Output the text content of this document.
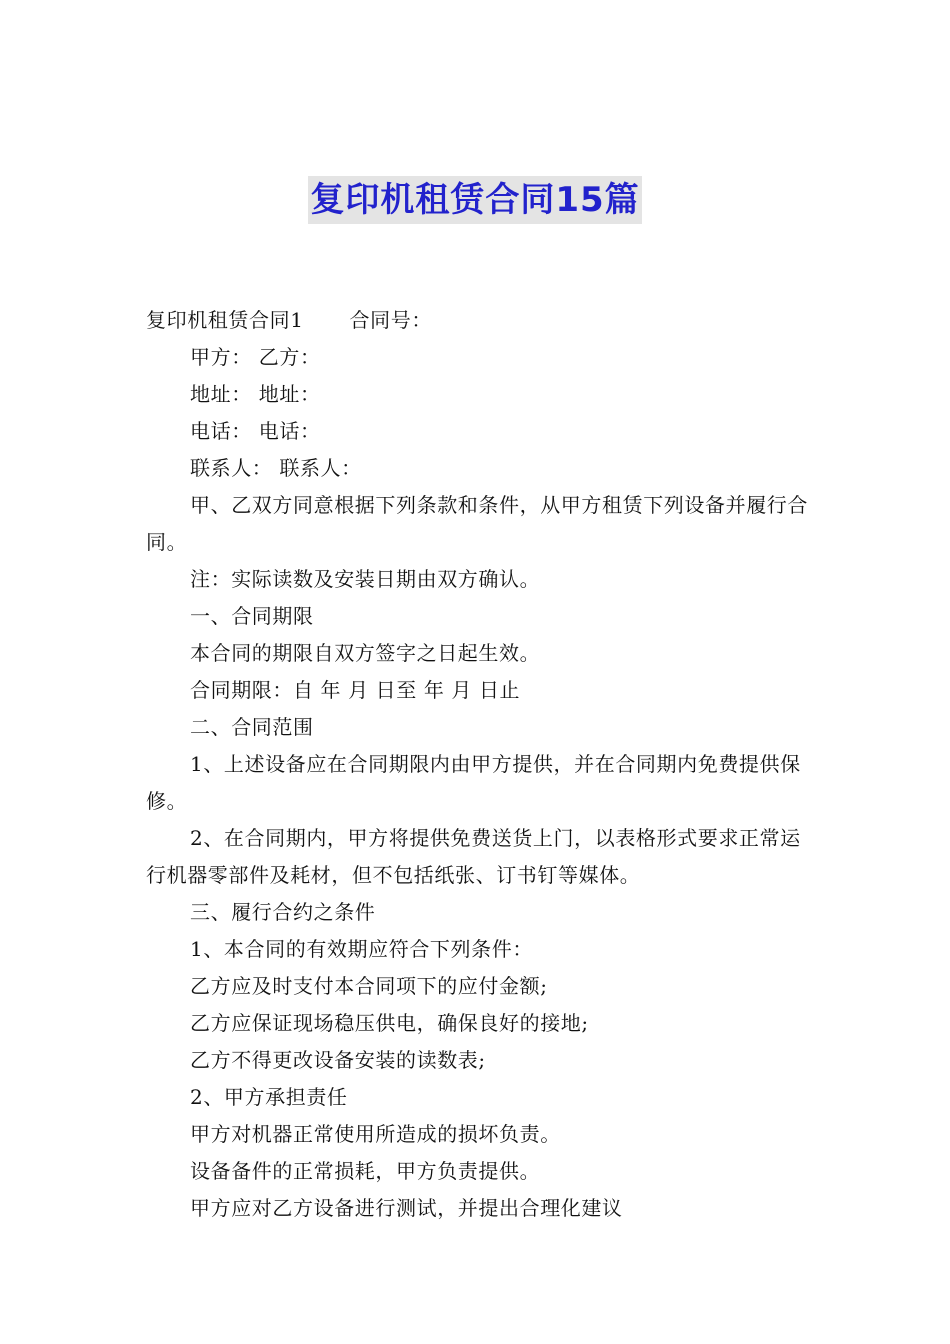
复印机租赁合同15篇

复印机租赁合同1 合同号：

甲方： 乙方：

地址： 地址：

电话： 电话：

联系人： 联系人：

甲、乙双方同意根据下列条款和条件，从甲方租赁下列设备并履行合同。

注：实际读数及安装日期由双方确认。

一、合同期限

本合同的期限自双方签字之日起生效。

合同期限：自 年 月 日至 年 月 日止

二、合同范围

1、上述设备应在合同期限内由甲方提供，并在合同期内免费提供保修。

2、在合同期内，甲方将提供免费送货上门，以表格形式要求正常运行机器零部件及耗材，但不包括纸张、订书钉等媒体。

三、履行合约之条件

1、本合同的有效期应符合下列条件：

乙方应及时支付本合同项下的应付金额;

乙方应保证现场稳压供电，确保良好的接地;

乙方不得更改设备安装的读数表;

2、甲方承担责任

甲方对机器正常使用所造成的损坏负责。

设备备件的正常损耗，甲方负责提供。

甲方应对乙方设备进行测试，并提出合理化建议
